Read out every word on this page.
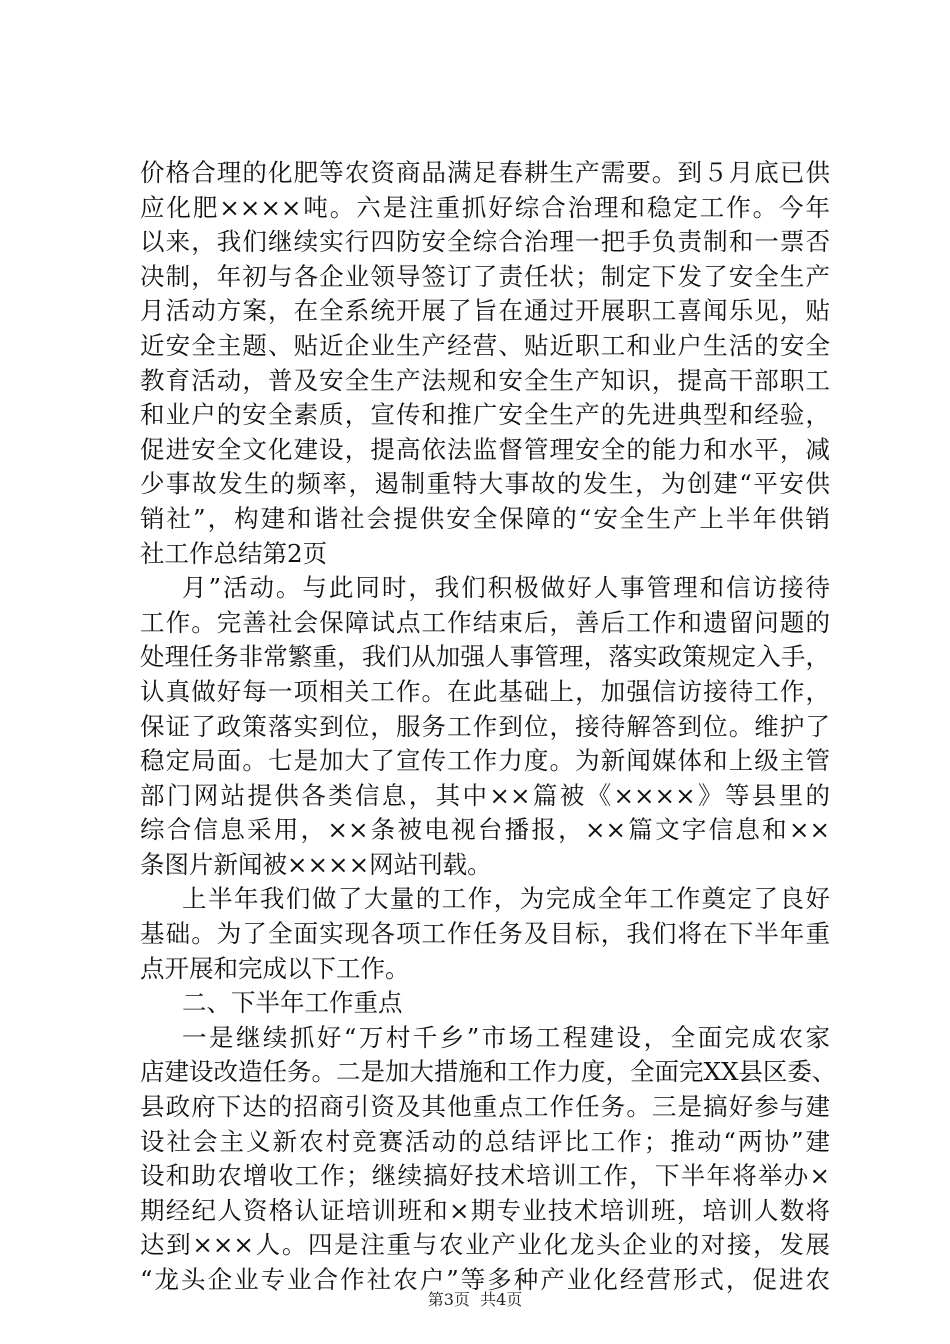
价格合理的化肥等农资商品满足春耕生产需要。到５月底已供
应化肥××××吨。六是注重抓好综合治理和稳定工作。今年
以来，我们继续实行四防安全综合治理一把手负责制和一票否
决制，年初与各企业领导签订了责任状；制定下发了安全生产
月活动方案，在全系统开展了旨在通过开展职工喜闻乐见，贴
近安全主题、贴近企业生产经营、贴近职工和业户生活的安全
教育活动，普及安全生产法规和安全生产知识，提高干部职工
和业户的安全素质，宣传和推广安全生产的先进典型和经验，
促进安全文化建设，提高依法监督管理安全的能力和水平，减
少事故发生的频率，遏制重特大事故的发生，为创建“平安供
销社”，构建和谐社会提供安全保障的“安全生产上半年供销
社工作总结第2页
月”活动。与此同时，我们积极做好人事管理和信访接待
工作。完善社会保障试点工作结束后，善后工作和遗留问题的
处理任务非常繁重，我们从加强人事管理，落实政策规定入手，
认真做好每一项相关工作。在此基础上，加强信访接待工作，
保证了政策落实到位，服务工作到位，接待解答到位。维护了
稳定局面。七是加大了宣传工作力度。为新闻媒体和上级主管
部门网站提供各类信息，其中××篇被《××××》等县里的
综合信息采用，××条被电视台播报，××篇文字信息和××
条图片新闻被××××网站刊载。
上半年我们做了大量的工作，为完成全年工作奠定了良好
基础。为了全面实现各项工作任务及目标，我们将在下半年重
点开展和完成以下工作。
二、下半年工作重点
一是继续抓好“万村千乡”市场工程建设，全面完成农家
店建设改造任务。二是加大措施和工作力度，全面完XX县区委、
县政府下达的招商引资及其他重点工作任务。三是搞好参与建
设社会主义新农村竞赛活动的总结评比工作；推动“两协”建
设和助农增收工作；继续搞好技术培训工作，下半年将举办×
期经纪人资格认证培训班和×期专业技术培训班，培训人数将
达到×××人。四是注重与农业产业化龙头企业的对接，发展
“龙头企业专业合作社农户”等多种产业化经营形式，促进农
第3页  共4页
